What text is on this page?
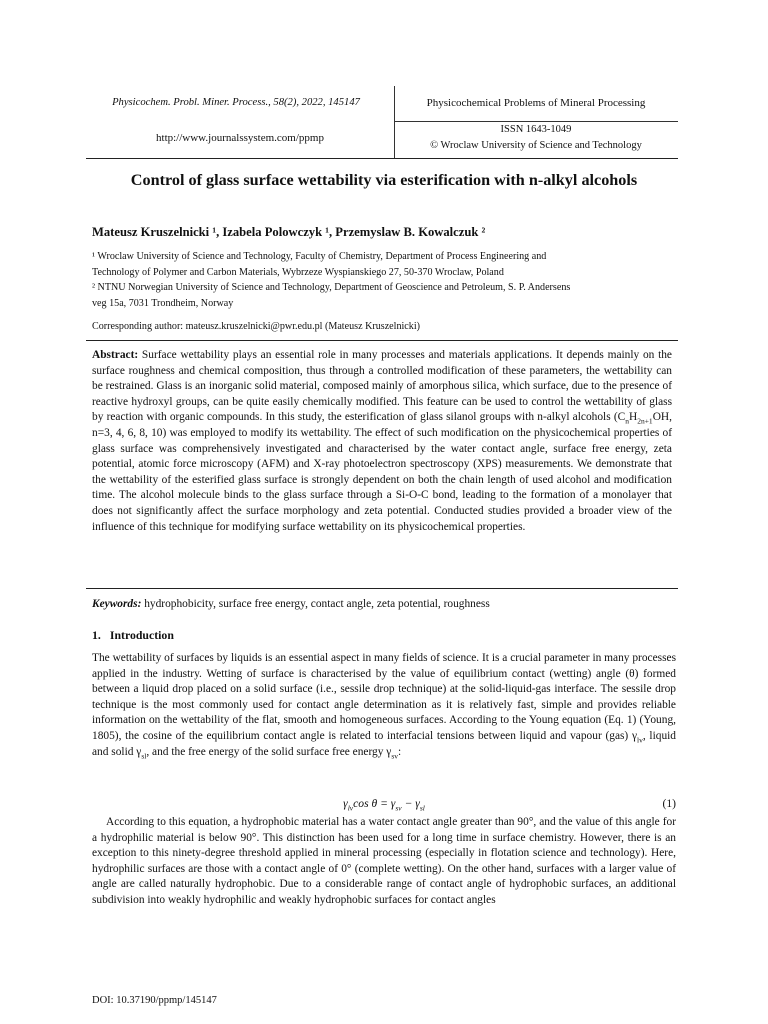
Physicochem. Probl. Miner. Process., 58(2), 2022, 145147
http://www.journalssystem.com/ppmp
Physicochemical Problems of Mineral Processing
ISSN 1643-1049
© Wroclaw University of Science and Technology
Control of glass surface wettability via esterification with n-alkyl alcohols
Mateusz Kruszelnicki ¹, Izabela Polowczyk ¹, Przemyslaw B. Kowalczuk ²
¹ Wroclaw University of Science and Technology, Faculty of Chemistry, Department of Process Engineering and
Technology of Polymer and Carbon Materials, Wybrzeze Wyspianskiego 27, 50-370 Wroclaw, Poland
² NTNU Norwegian University of Science and Technology, Department of Geoscience and Petroleum, S. P. Andersens
veg 15a, 7031 Trondheim, Norway
Corresponding author: mateusz.kruszelnicki@pwr.edu.pl (Mateusz Kruszelnicki)

Abstract: Surface wettability plays an essential role in many processes and materials applications. It depends mainly on the surface roughness and chemical composition, thus through a controlled modification of these parameters, the wettability can be restrained. Glass is an inorganic solid material, composed mainly of amorphous silica, which surface, due to the presence of reactive hydroxyl groups, can be quite easily chemically modified. This feature can be used to control the wettability of glass by reaction with organic compounds. In this study, the esterification of glass silanol groups with n-alkyl alcohols ($C_nH_{2n+1}OH$, n=3, 4, 6, 8, 10) was employed to modify its wettability. The effect of such modification on the physicochemical properties of glass surface was comprehensively investigated and characterised by the water contact angle, surface free energy, zeta potential, atomic force microscopy (AFM) and X-ray photoelectron spectroscopy (XPS) measurements. We demonstrate that the wettability of the esterified glass surface is strongly dependent on both the chain length of used alcohol and modification time. The alcohol molecule binds to the glass surface through a Si-O-C bond, leading to the formation of a monolayer that does not significantly affect the surface morphology and zeta potential. Conducted studies provided a broader view of the influence of this technique for modifying surface wettability on its physicochemical properties.

Keywords: hydrophobicity, surface free energy, contact angle, zeta potential, roughness
1. Introduction

The wettability of surfaces by liquids is an essential aspect in many fields of science. It is a crucial parameter in many processes applied in the industry. Wetting of surface is characterised by the value of equilibrium contact (wetting) angle (θ) formed between a liquid drop placed on a solid surface (i.e., sessile drop technique) at the solid-liquid-gas interface. The sessile drop technique is the most commonly used for contact angle determination as it is relatively fast, simple and provides reliable information on the wettability of the flat, smooth and homogeneous surfaces. According to the Young equation (Eq. 1) (Young, 1805), the cosine of the equilibrium contact angle is related to interfacial tensions between liquid and vapour (gas) $\gamma_{lv}$, liquid and solid $\gamma_{sl}$, and the free energy of the solid surface free energy $\gamma_{sv}$:

$\gamma_{lv}\cos$ $\theta = \gamma_{sv} - \gamma_{sl}$	(1)

According to this equation, a hydrophobic material has a water contact angle greater than 90°, and the value of this angle for a hydrophilic material is below 90°. This distinction has been used for a long time in surface chemistry. However, there is an exception to this ninety-degree threshold applied in mineral processing (especially in flotation science and technology). Here, hydrophilic surfaces are those with a contact angle of 0° (complete wetting). On the other hand, surfaces with a larger value of angle are called naturally hydrophobic. Due to a considerable range of contact angle of hydrophobic surfaces, an additional subdivision into weakly hydrophilic and weakly hydrophobic surfaces for contact angles

DOI: 10.37190/ppmp/145147
